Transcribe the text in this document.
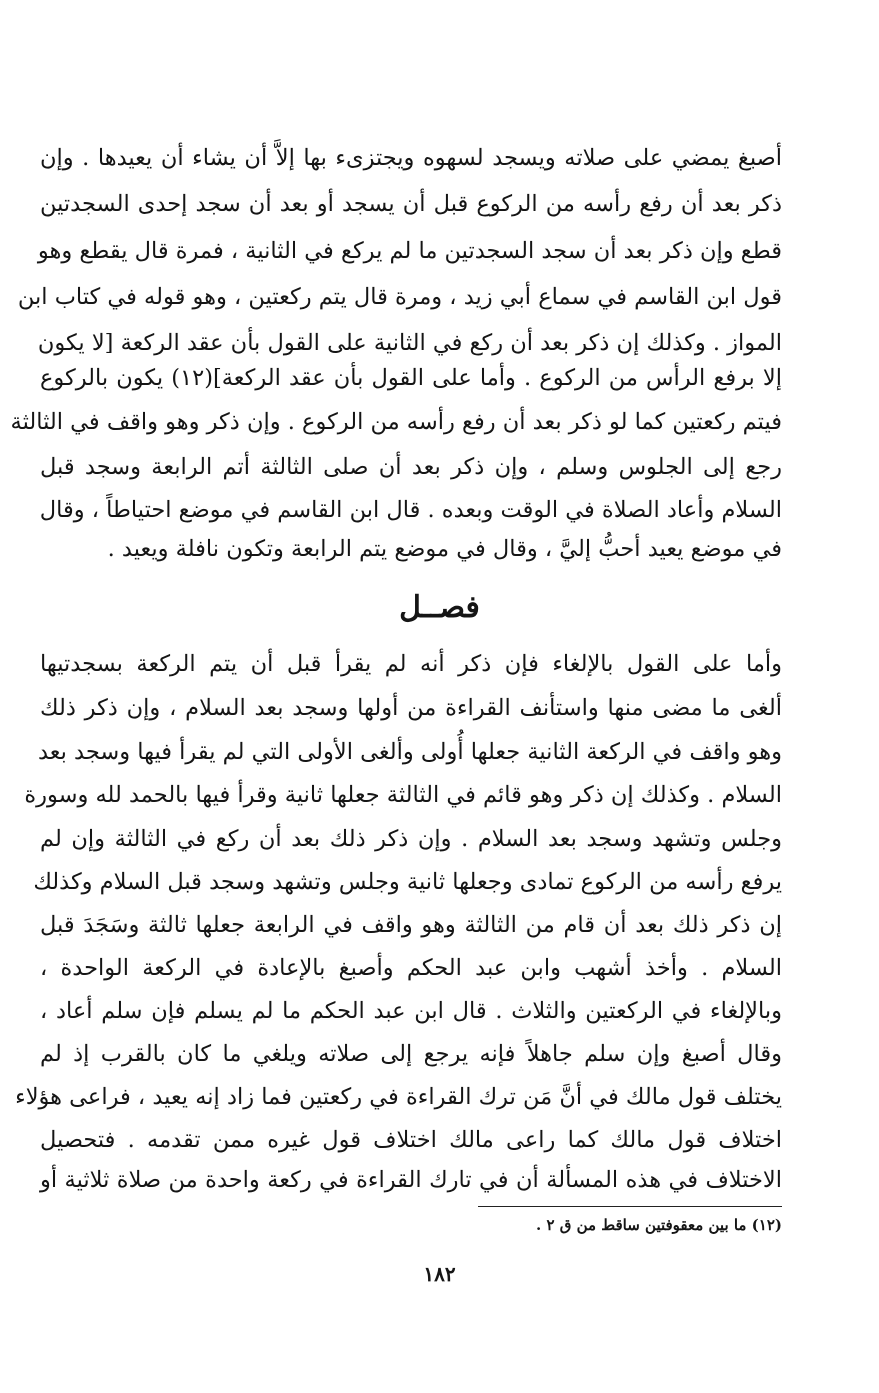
أصبغ يمضي على صلاته ويسجد لسهوه ويجتزىء بها إلاَّ أن يشاء أن يعيدها . وإن
ذكر بعد أن رفع رأسه من الركوع قبل أن يسجد أو بعد أن سجد إحدى السجدتين
قطع وإن ذكر بعد أن سجد السجدتين ما لم يركع في الثانية ، فمرة قال يقطع وهو
قول ابن القاسم في سماع أبي زيد ، ومرة قال يتم ركعتين ، وهو قوله في كتاب ابن
المواز . وكذلك إن ذكر بعد أن ركع في الثانية على القول بأن عقد الركعة [لا يكون
إلا برفع الرأس من الركوع . وأما على القول بأن عقد الركعة](١٢) يكون بالركوع
فيتم ركعتين كما لو ذكر بعد أن رفع رأسه من الركوع . وإن ذكر وهو واقف في الثالثة
رجع إلى الجلوس وسلم ، وإن ذكر بعد أن صلى الثالثة أتم الرابعة وسجد قبل
السلام وأعاد الصلاة في الوقت وبعده . قال ابن القاسم في موضع احتياطاً ، وقال
في موضع يعيد أحبُّ إليَّ ، وقال في موضع يتم الرابعة وتكون نافلة ويعيد .
فصــل
وأما على القول بالإلغاء فإن ذكر أنه لم يقرأ قبل أن يتم الركعة بسجدتيها
ألغى ما مضى منها واستأنف القراءة من أولها وسجد بعد السلام ، وإن ذكر ذلك
وهو واقف في الركعة الثانية جعلها أُولى وألغى الأولى التي لم يقرأ فيها وسجد بعد
السلام . وكذلك إن ذكر وهو قائم في الثالثة جعلها ثانية وقرأ فيها بالحمد لله وسورة
وجلس وتشهد وسجد بعد السلام . وإن ذكر ذلك بعد أن ركع في الثالثة وإن لم
يرفع رأسه من الركوع تمادى وجعلها ثانية وجلس وتشهد وسجد قبل السلام وكذلك
إن ذكر ذلك بعد أن قام من الثالثة وهو واقف في الرابعة جعلها ثالثة وسَجَدَ قبل
السلام . وأخذ أشهب وابن عبد الحكم وأصبغ بالإعادة في الركعة الواحدة ،
وبالإلغاء في الركعتين والثلاث . قال ابن عبد الحكم ما لم يسلم فإن سلم أعاد ،
وقال أصبغ وإن سلم جاهلاً فإنه يرجع إلى صلاته ويلغي ما كان بالقرب إذ لم
يختلف قول مالك في أنَّ مَن ترك القراءة في ركعتين فما زاد إنه يعيد ، فراعى هؤلاء
اختلاف قول مالك كما راعى مالك اختلاف قول غيره ممن تقدمه . فتحصيل
الاختلاف في هذه المسألة أن في تارك القراءة في ركعة واحدة من صلاة ثلاثية أو
(١٢) ما بين معقوفتين ساقط من ق ٢ .
١٨٢
